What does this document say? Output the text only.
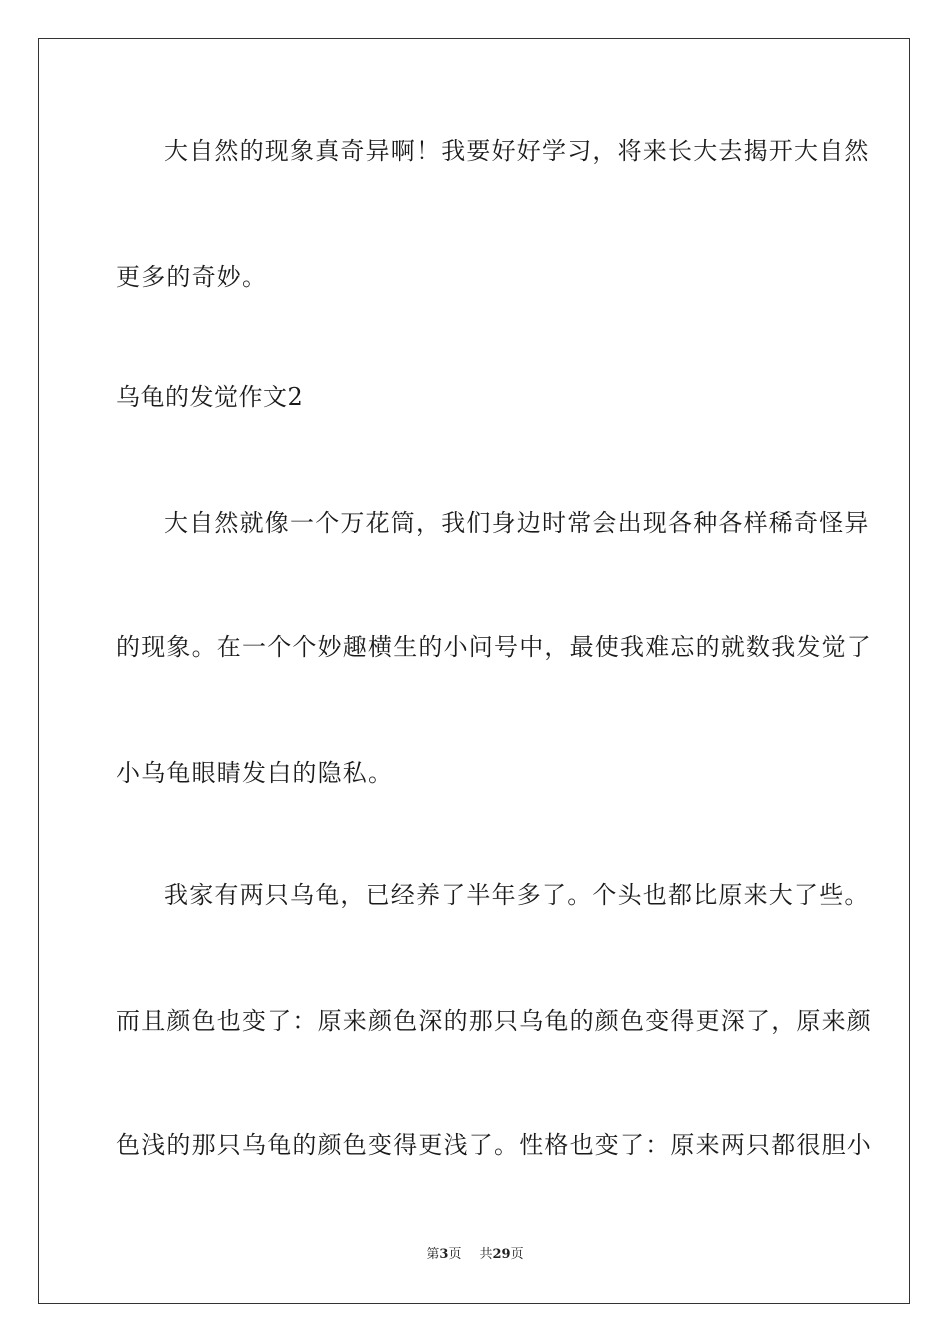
大自然的现象真奇异啊！我要好好学习，将来长大去揭开大自然
更多的奇妙。
乌龟的发觉作文2
大自然就像一个万花筒，我们身边时常会出现各种各样稀奇怪异
的现象。在一个个妙趣横生的小问号中，最使我难忘的就数我发觉了
小乌龟眼睛发白的隐私。
我家有两只乌龟，已经养了半年多了。个头也都比原来大了些。
而且颜色也变了：原来颜色深的那只乌龟的颜色变得更深了，原来颜
色浅的那只乌龟的颜色变得更浅了。性格也变了：原来两只都很胆小
第3页 共29页
